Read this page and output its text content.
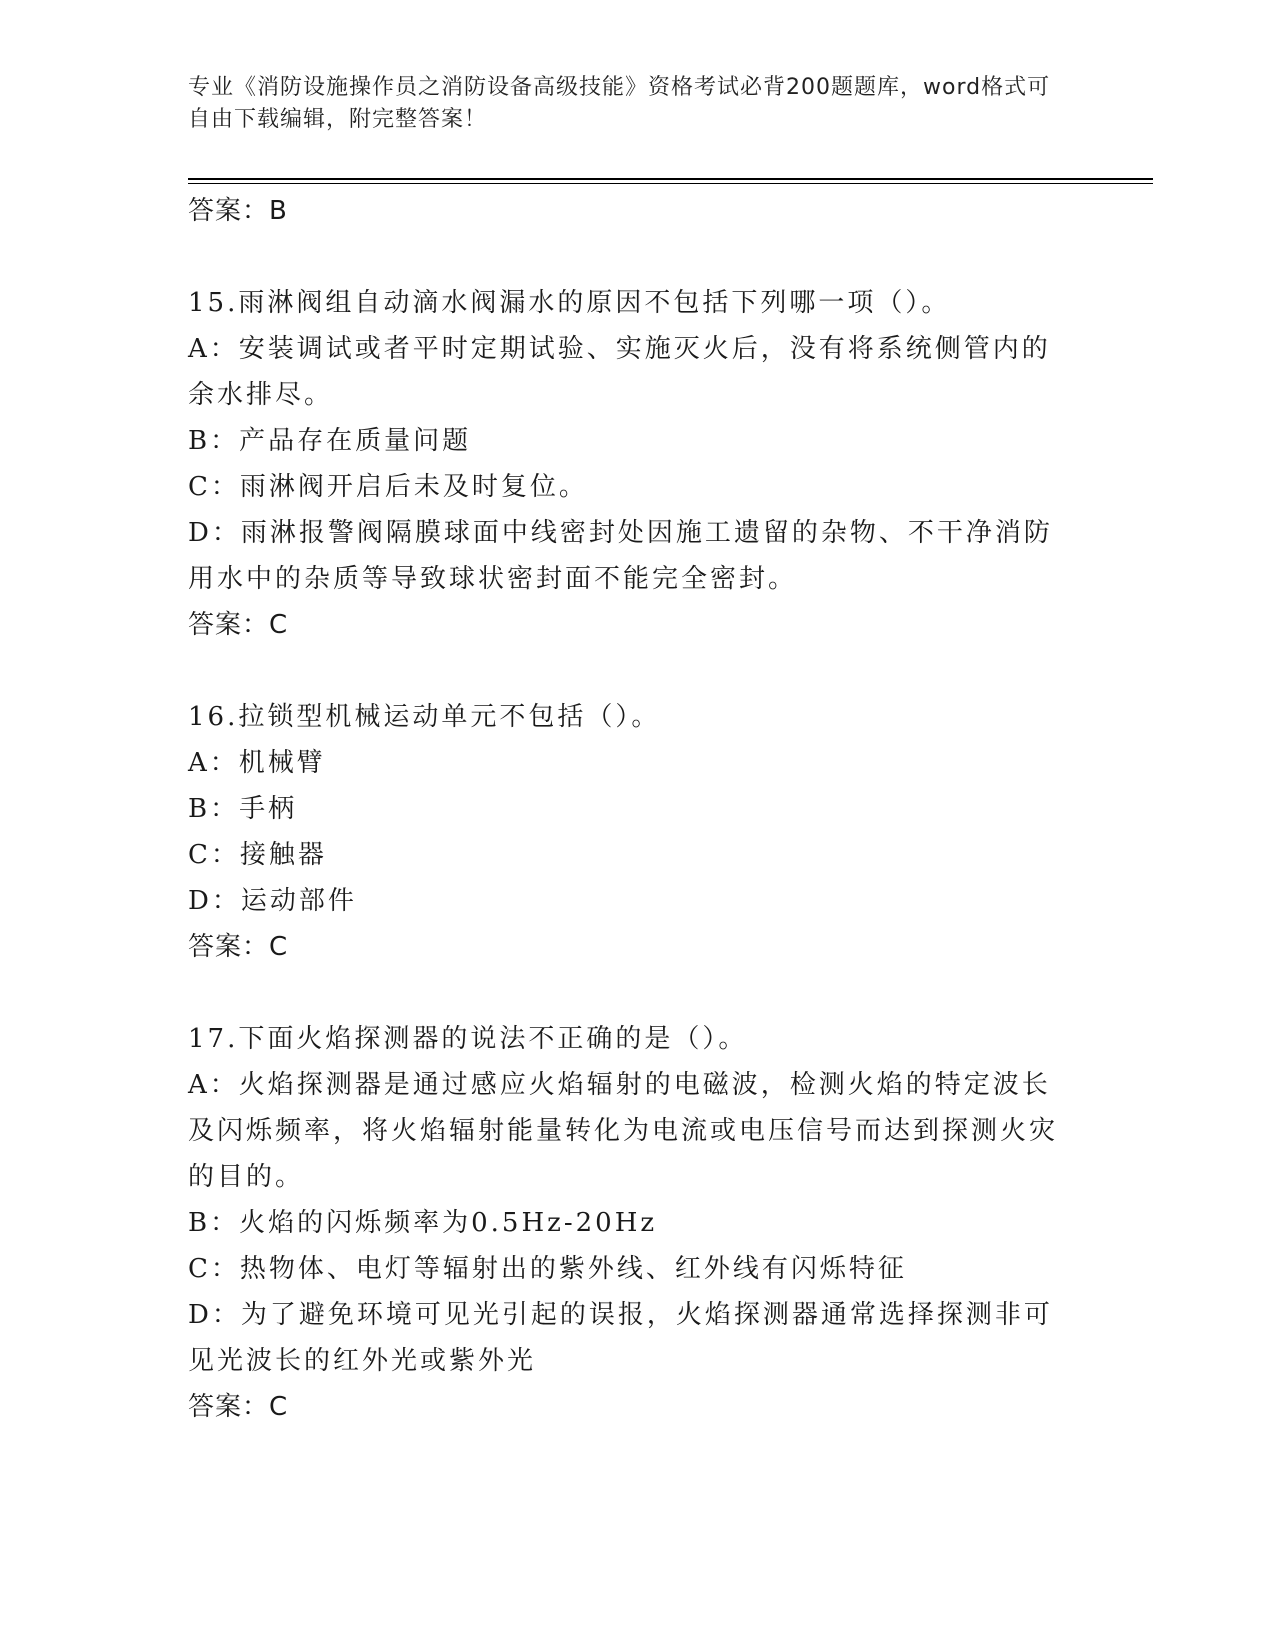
专业《消防设施操作员之消防设备高级技能》资格考试必背200题题库，word格式可自由下载编辑，附完整答案！

答案：B

15.雨淋阀组自动滴水阀漏水的原因不包括下列哪一项（）。

A：安装调试或者平时定期试验、实施灭火后，没有将系统侧管内的余水排尽。

B：产品存在质量问题

C：雨淋阀开启后未及时复位。

D：雨淋报警阀隔膜球面中线密封处因施工遗留的杂物、不干净消防用水中的杂质等导致球状密封面不能完全密封。

答案：C

16.拉锁型机械运动单元不包括（）。

A：机械臂

B：手柄

C：接触器

D：运动部件

答案：C

17.下面火焰探测器的说法不正确的是（）。

A：火焰探测器是通过感应火焰辐射的电磁波，检测火焰的特定波长及闪烁频率，将火焰辐射能量转化为电流或电压信号而达到探测火灾的目的。

B：火焰的闪烁频率为0.5Hz-20Hz

C：热物体、电灯等辐射出的紫外线、红外线有闪烁特征

D：为了避免环境可见光引起的误报，火焰探测器通常选择探测非可见光波长的红外光或紫外光

答案：C
